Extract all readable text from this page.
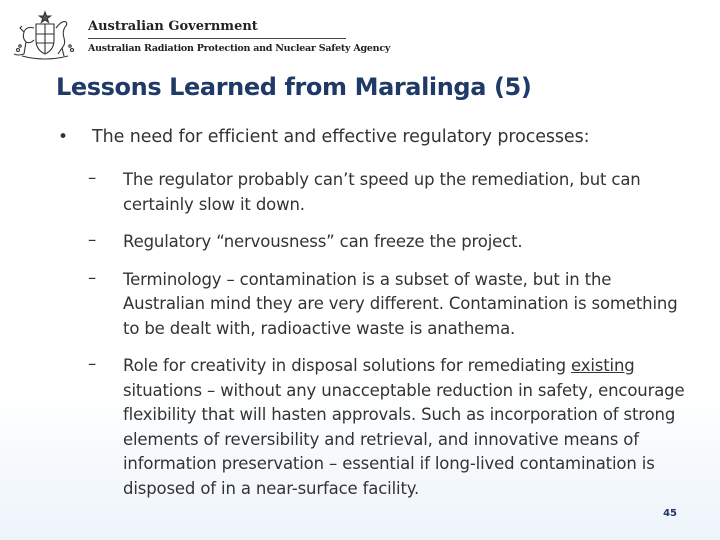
Australian Government
Australian Radiation Protection and Nuclear Safety Agency
Lessons Learned from Maralinga (5)
• The need for efficient and effective regulatory processes:
– The regulator probably can’t speed up the remediation, but can certainly slow it down.
– Regulatory “nervousness” can freeze the project.
– Terminology – contamination is a subset of waste, but in the Australian mind they are very different. Contamination is something to be dealt with, radioactive waste is anathema.
– Role for creativity in disposal solutions for remediating existing situations – without any unacceptable reduction in safety, encourage flexibility that will hasten approvals. Such as incorporation of strong elements of reversibility and retrieval, and innovative means of information preservation – essential if long-lived contamination is disposed of in a near-surface facility.
45
